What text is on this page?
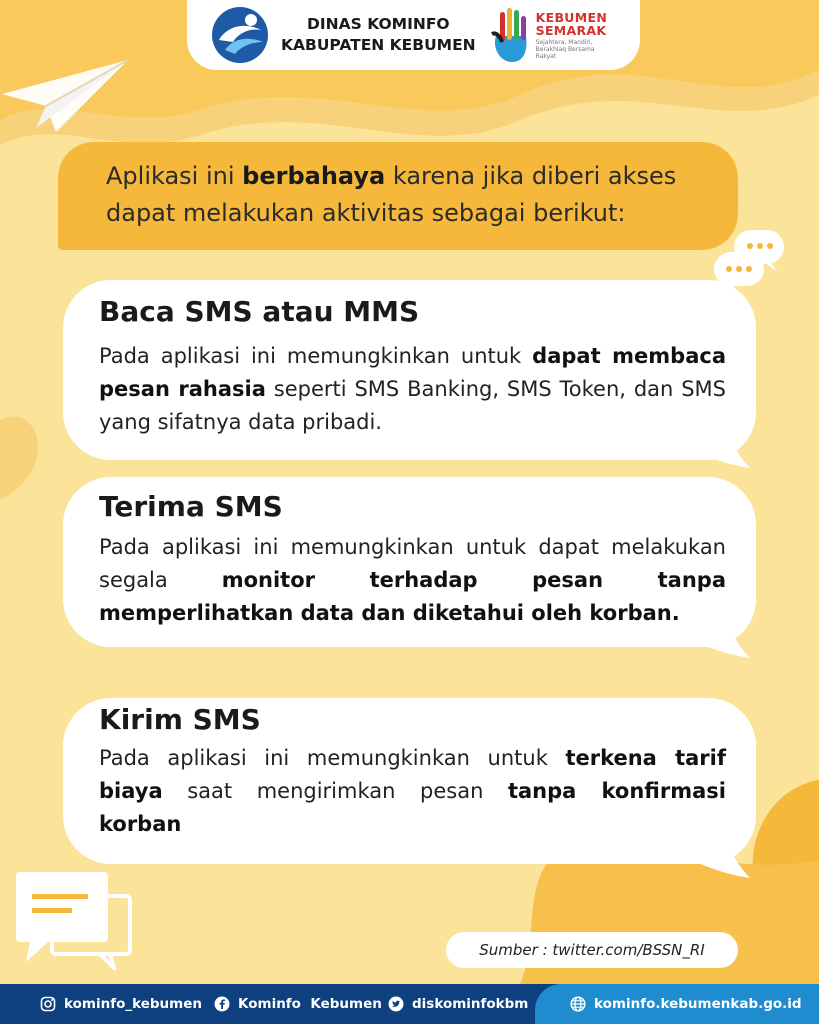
DINAS KOMINFO
KABUPATEN KEBUMEN
KEBUMEN
SEMARAK
Sejahtera, Mandiri, Berakhlaq Bersama Rakyat
Aplikasi ini berbahaya karena jika diberi akses dapat melakukan aktivitas sebagai berikut:
Baca SMS atau MMS
Pada aplikasi ini memungkinkan untuk dapat membaca pesan rahasia seperti SMS Banking, SMS Token, dan SMS yang sifatnya data pribadi.
Terima SMS
Pada aplikasi ini memungkinkan untuk dapat melakukan segala monitor terhadap pesan tanpa memperlihatkan data dan diketahui oleh korban.
Kirim SMS
Pada aplikasi ini memungkinkan untuk terkena tarif biaya saat mengirimkan pesan tanpa konfirmasi korban
Sumber : twitter.com/BSSN_RI
kominfo_kebumen	Kominfo  Kebumen diskominfokbm	kominfo.kebumenkab.go.id
